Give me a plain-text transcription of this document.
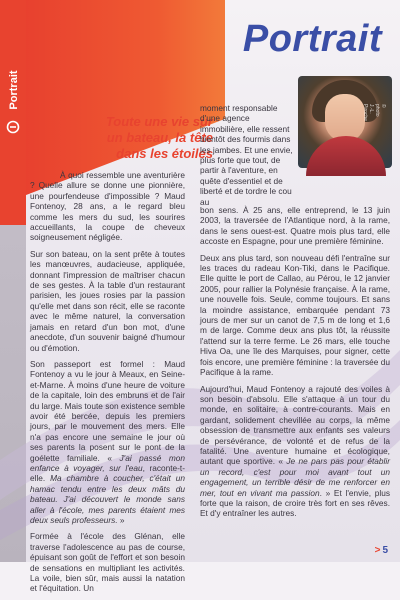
Portrait
Portrait
Toute une vie sur un bateau, la tête dans les étoiles
© photo J.-L. Piroche

À quoi ressemble une aventurière ? Quelle allure se donne une pionnière, une pourfendeuse d'impossible ? Maud Fontenoy, 28 ans, a le regard bleu comme les mers du sud, les sourires accueillants, la coupe de cheveux soigneusement négligée.

Sur son bateau, on la sent prête à toutes les manœuvres, audacieuse, appliquée, donnant l'impression de maîtriser chacun de ses gestes. À la table d'un restaurant parisien, les joues rosies par la passion qu'elle met dans son récit, elle se raconte avec le même naturel, la conversation jamais en retard d'un bon mot, d'une anecdote, d'un souvenir baigné d'humour ou d'émotion.

Son passeport est formel : Maud Fontenoy a vu le jour à Meaux, en Seine-et-Marne. À moins d'une heure de voiture de la capitale, loin des embruns et de l'air du large. Mais toute son existence semble avoir été bercée, depuis les premiers jours, par le mouvement des mers. Elle n'a pas encore une semaine le jour où ses parents la posent sur le pont de la goélette familiale. « J'ai passé mon enfance à voyager, sur l'eau, raconte-t-elle. Ma chambre à coucher, c'était un hamac tendu entre les deux mâts du bateau. J'ai découvert le monde sans aller à l'école, mes parents étaient mes deux seuls professeurs. »

Formée à l'école des Glénan, elle traverse l'adolescence au pas de course, épuisant son goût de l'effort et son besoin de sensations en multipliant les activités. La voile, bien sûr, mais aussi la natation et l'équitation. Un

moment responsable d'une agence immobilière, elle ressent bientôt des fourmis dans les jambes. Et une envie, plus forte que tout, de partir à l'aventure, en quête d'essentiel et de liberté et de tordre le cou au

bon sens. À 25 ans, elle entreprend, le 13 juin 2003, la traversée de l'Atlantique nord, à la rame, dans le sens ouest-est. Quatre mois plus tard, elle accoste en Espagne, pour une première féminine.

Deux ans plus tard, son nouveau défi l'entraîne sur les traces du radeau Kon-Tiki, dans le Pacifique. Elle quitte le port de Callao, au Pérou, le 12 janvier 2005, pour rallier la Polynésie française. À la rame, une nouvelle fois. Seule, comme toujours. Et sans la moindre assistance, embarquée pendant 73 jours de mer sur un canot de 7,5 m de long et 1,6 m de large. Comme deux ans plus tôt, la réussite l'attend sur la terre ferme. Le 26 mars, elle touche Hiva Oa, une île des Marquises, pour signer, cette fois encore, une première féminine : la traversée du Pacifique à la rame.

Aujourd'hui, Maud Fontenoy a rajouté des voiles à son besoin d'absolu. Elle s'attaque à un tour du monde, en solitaire, à contre-courants. Mais en gardant, solidement chevillée au corps, la même obsession de transmettre aux enfants ses valeurs de persévérance, de volonté et de refus de la fatalité. Une aventure humaine et écologique, autant que sportive. « Je ne pars pas pour établir un record, c'est pour moi avant tout un engagement, un terrible désir de me renforcer en mer, tout en vivant ma passion. » Et l'envie, plus forte que la raison, de croire très fort en ses rêves. Et d'y entraîner les autres.

> 5
